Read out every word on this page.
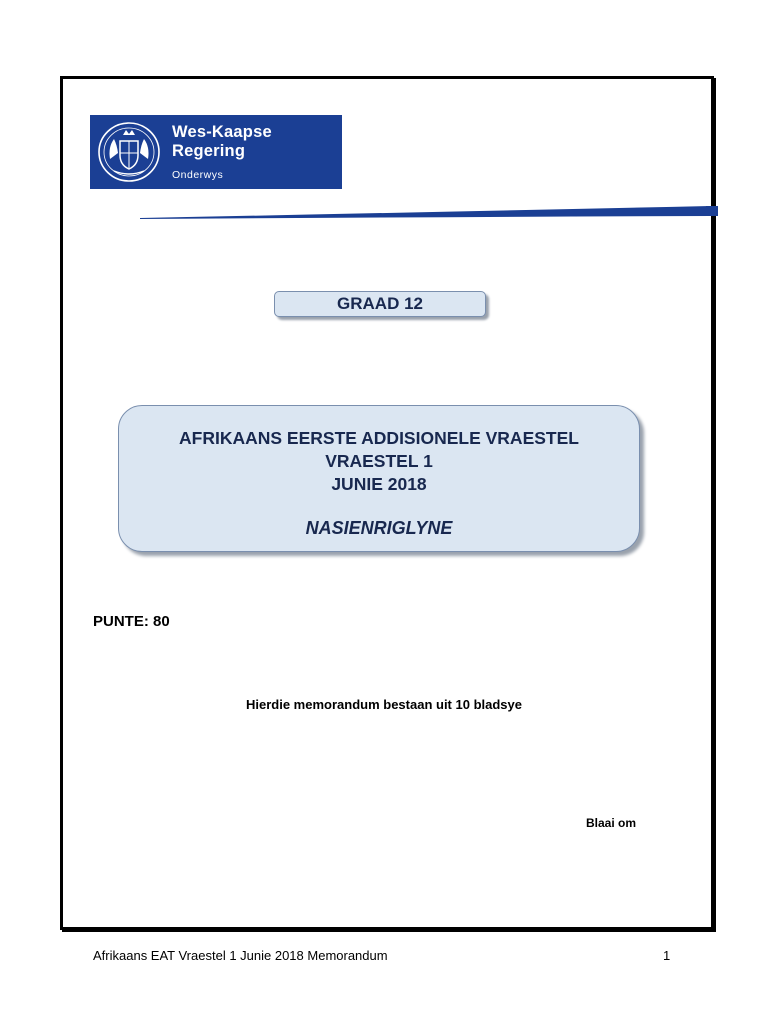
Wes-Kaapse
Regering
Onderwys
GRAAD 12
AFRIKAANS EERSTE ADDISIONELE VRAESTEL
VRAESTEL 1
JUNIE 2018
NASIENRIGLYNE
PUNTE: 80
Hierdie memorandum bestaan uit 10 bladsye
Blaai om
Afrikaans EAT Vraestel 1 Junie 2018 Memorandum	1
